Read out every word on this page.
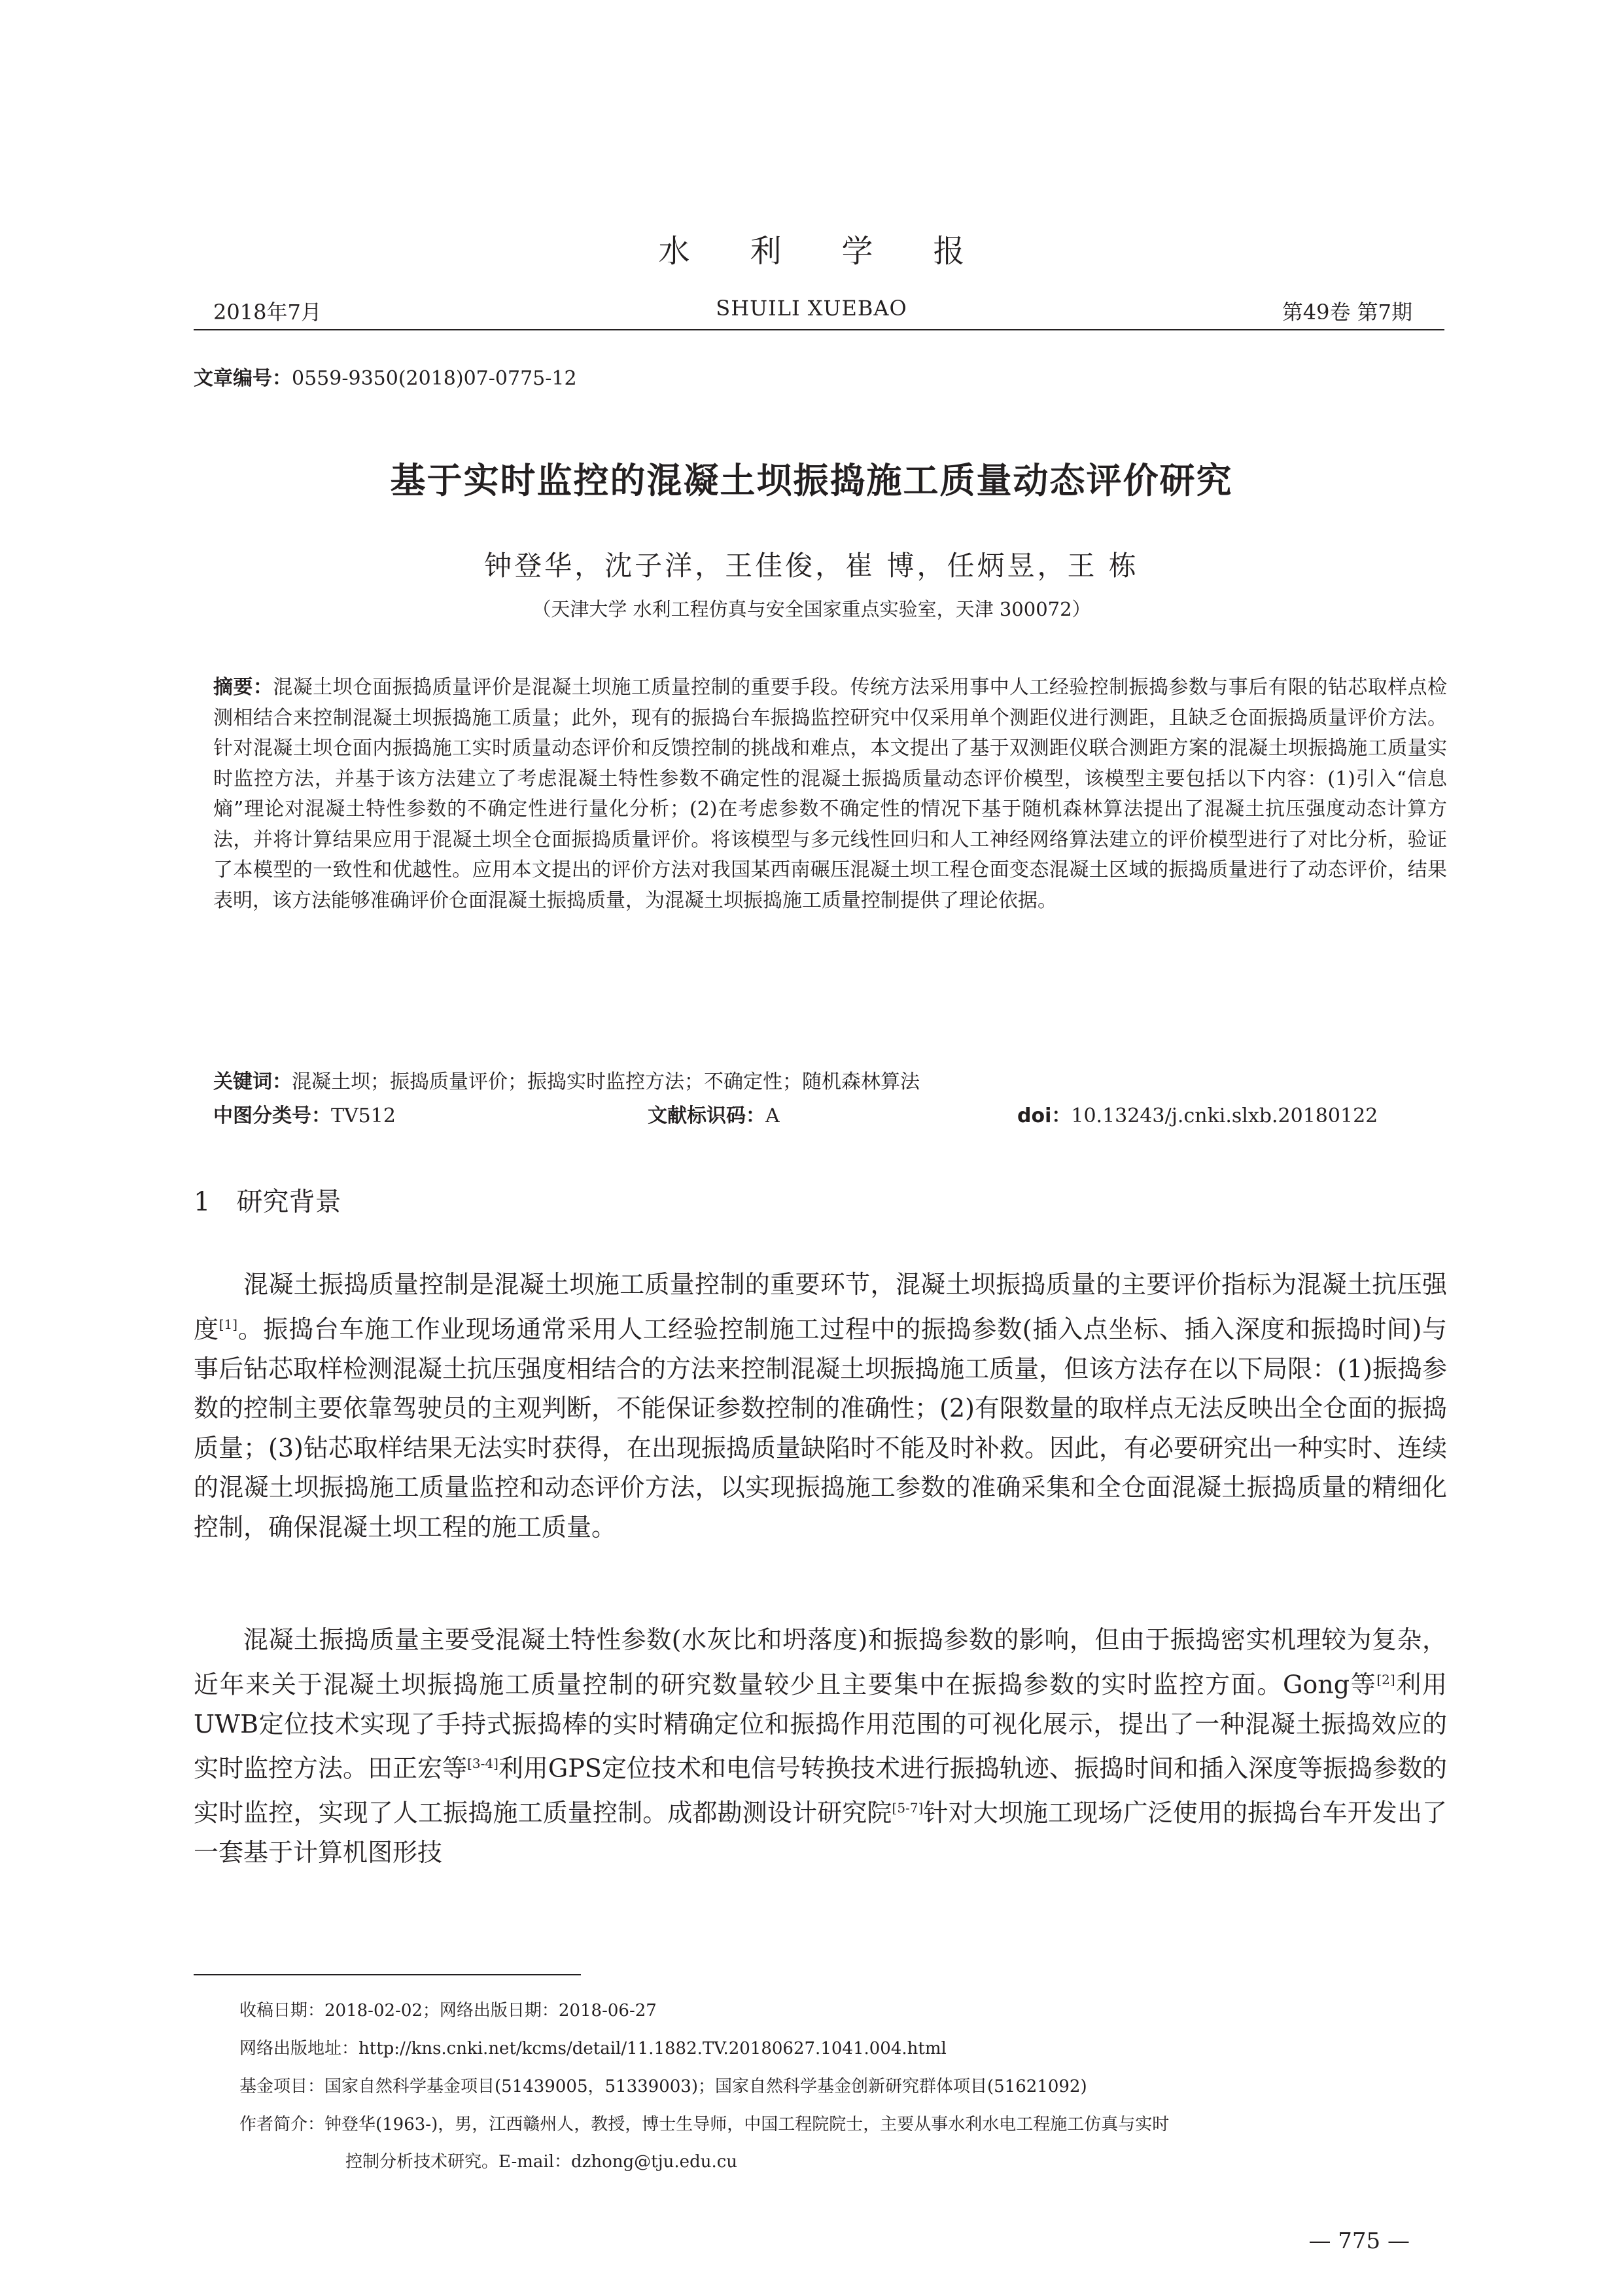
水利学报
2018年7月	SHUILI XUEBAO	第49卷 第7期
文章编号：0559-9350(2018)07-0775-12
基于实时监控的混凝土坝振捣施工质量动态评价研究
钟登华，沈子洋，王佳俊，崔 博，任炳昱，王 栋
（天津大学 水利工程仿真与安全国家重点实验室，天津 300072）
摘要：混凝土坝仓面振捣质量评价是混凝土坝施工质量控制的重要手段。传统方法采用事中人工经验控制振捣参数与事后有限的钻芯取样点检测相结合来控制混凝土坝振捣施工质量；此外，现有的振捣台车振捣监控研究中仅采用单个测距仪进行测距，且缺乏仓面振捣质量评价方法。针对混凝土坝仓面内振捣施工实时质量动态评价和反馈控制的挑战和难点，本文提出了基于双测距仪联合测距方案的混凝土坝振捣施工质量实时监控方法，并基于该方法建立了考虑混凝土特性参数不确定性的混凝土振捣质量动态评价模型，该模型主要包括以下内容：(1)引入“信息熵”理论对混凝土特性参数的不确定性进行量化分析；(2)在考虑参数不确定性的情况下基于随机森林算法提出了混凝土抗压强度动态计算方法，并将计算结果应用于混凝土坝全仓面振捣质量评价。将该模型与多元线性回归和人工神经网络算法建立的评价模型进行了对比分析，验证了本模型的一致性和优越性。应用本文提出的评价方法对我国某西南碾压混凝土坝工程仓面变态混凝土区域的振捣质量进行了动态评价，结果表明，该方法能够准确评价仓面混凝土振捣质量，为混凝土坝振捣施工质量控制提供了理论依据。
关键词：混凝土坝；振捣质量评价；振捣实时监控方法；不确定性；随机森林算法
中图分类号：TV512	文献标识码：A	doi：10.13243/j.cnki.slxb.20180122
1 研究背景

混凝土振捣质量控制是混凝土坝施工质量控制的重要环节，混凝土坝振捣质量的主要评价指标为混凝土抗压强度[1]。振捣台车施工作业现场通常采用人工经验控制施工过程中的振捣参数(插入点坐标、插入深度和振捣时间)与事后钻芯取样检测混凝土抗压强度相结合的方法来控制混凝土坝振捣施工质量，但该方法存在以下局限：(1)振捣参数的控制主要依靠驾驶员的主观判断，不能保证参数控制的准确性；(2)有限数量的取样点无法反映出全仓面的振捣质量；(3)钻芯取样结果无法实时获得，在出现振捣质量缺陷时不能及时补救。因此，有必要研究出一种实时、连续的混凝土坝振捣施工质量监控和动态评价方法，以实现振捣施工参数的准确采集和全仓面混凝土振捣质量的精细化控制，确保混凝土坝工程的施工质量。

混凝土振捣质量主要受混凝土特性参数(水灰比和坍落度)和振捣参数的影响，但由于振捣密实机理较为复杂，近年来关于混凝土坝振捣施工质量控制的研究数量较少且主要集中在振捣参数的实时监控方面。Gong等[2]利用UWB定位技术实现了手持式振捣棒的实时精确定位和振捣作用范围的可视化展示，提出了一种混凝土振捣效应的实时监控方法。田正宏等[3-4]利用GPS定位技术和电信号转换技术进行振捣轨迹、振捣时间和插入深度等振捣参数的实时监控，实现了人工振捣施工质量控制。成都勘测设计研究院[5-7]针对大坝施工现场广泛使用的振捣台车开发出了一套基于计算机图形技

收稿日期：2018-02-02；网络出版日期：2018-06-27
网络出版地址：http://kns.cnki.net/kcms/detail/11.1882.TV.20180627.1041.004.html
基金项目：国家自然科学基金项目(51439005，51339003)；国家自然科学基金创新研究群体项目(51621092)
作者简介：钟登华(1963-)，男，江西赣州人，教授，博士生导师，中国工程院院士，主要从事水利水电工程施工仿真与实时
控制分析技术研究。E-mail：dzhong@tju.edu.cu
— 775 —
